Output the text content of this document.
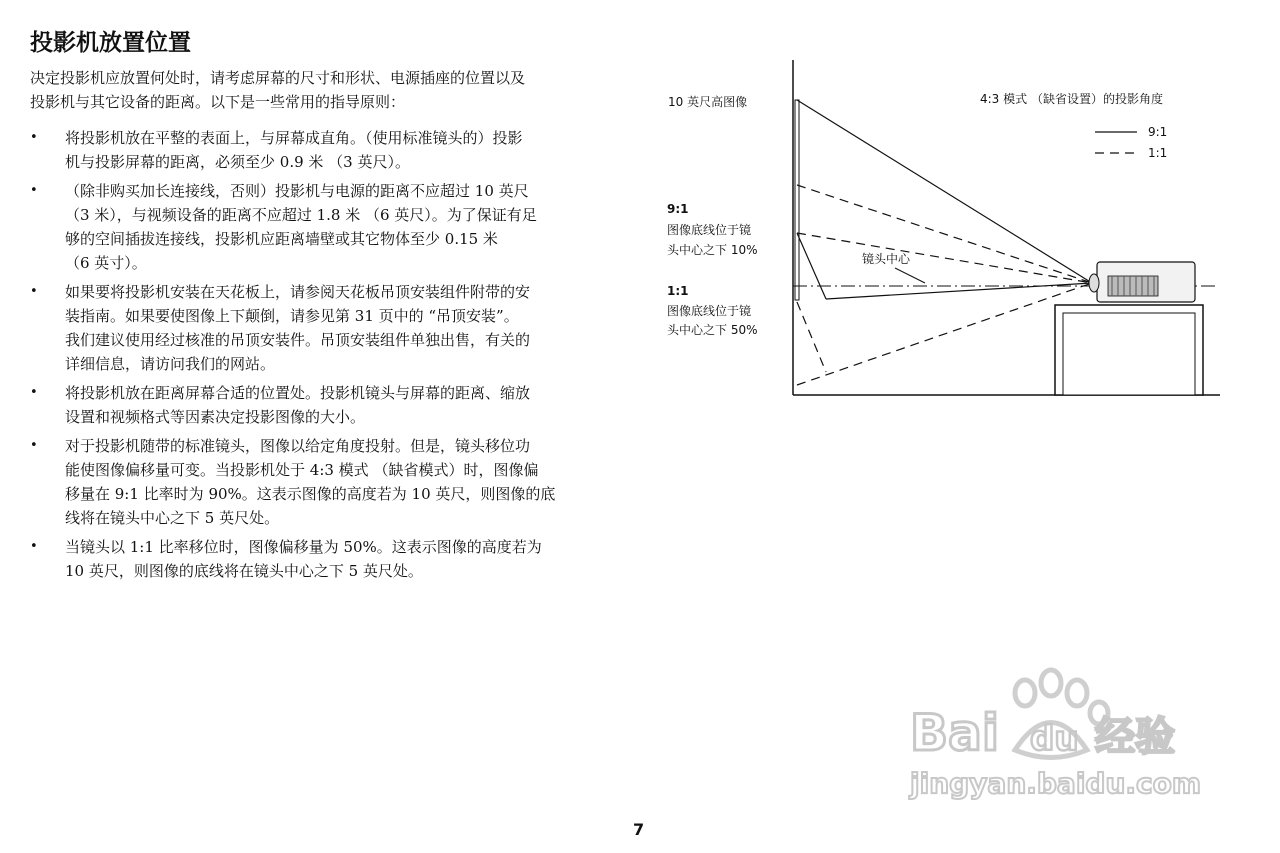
投影机放置位置
决定投影机应放置何处时，请考虑屏幕的尺寸和形状、电源插座的位置以及
投影机与其它设备的距离。以下是一些常用的指导原则：
• 将投影机放在平整的表面上，与屏幕成直角。（使用标准镜头的）投影
机与投影屏幕的距离，必须至少 0.9 米 （3 英尺）。
• （除非购买加长连接线，否则）投影机与电源的距离不应超过 10 英尺
（3 米），与视频设备的距离不应超过 1.8 米 （6 英尺）。为了保证有足
够的空间插拔连接线，投影机应距离墙壁或其它物体至少 0.15 米
（6 英寸）。
• 如果要将投影机安装在天花板上，请参阅天花板吊顶安装组件附带的安
装指南。如果要使图像上下颠倒，请参见第 31 页中的 “吊顶安装”。
我们建议使用经过核准的吊顶安装件。吊顶安装组件单独出售，有关的
详细信息，请访问我们的网站。
• 将投影机放在距离屏幕合适的位置处。投影机镜头与屏幕的距离、缩放
设置和视频格式等因素决定投影图像的大小。
• 对于投影机随带的标准镜头，图像以给定角度投射。但是，镜头移位功
能使图像偏移量可变。当投影机处于 4:3 模式 （缺省模式）时，图像偏
移量在 9:1 比率时为 90%。这表示图像的高度若为 10 英尺，则图像的底
线将在镜头中心之下 5 英尺处。
• 当镜头以 1:1 比率移位时，图像偏移量为 50%。这表示图像的高度若为
10 英尺，则图像的底线将在镜头中心之下 5 英尺处。
9:1
1:1
10 英尺高图像	4:3 模式 （缺省设置）的投影角度
9:1
图像底线位于镜
头中心之下 10%
镜头中心
1:1
图像底线位于镜
头中心之下 50%
7
Bai du 经验
jingyan.baidu.com
